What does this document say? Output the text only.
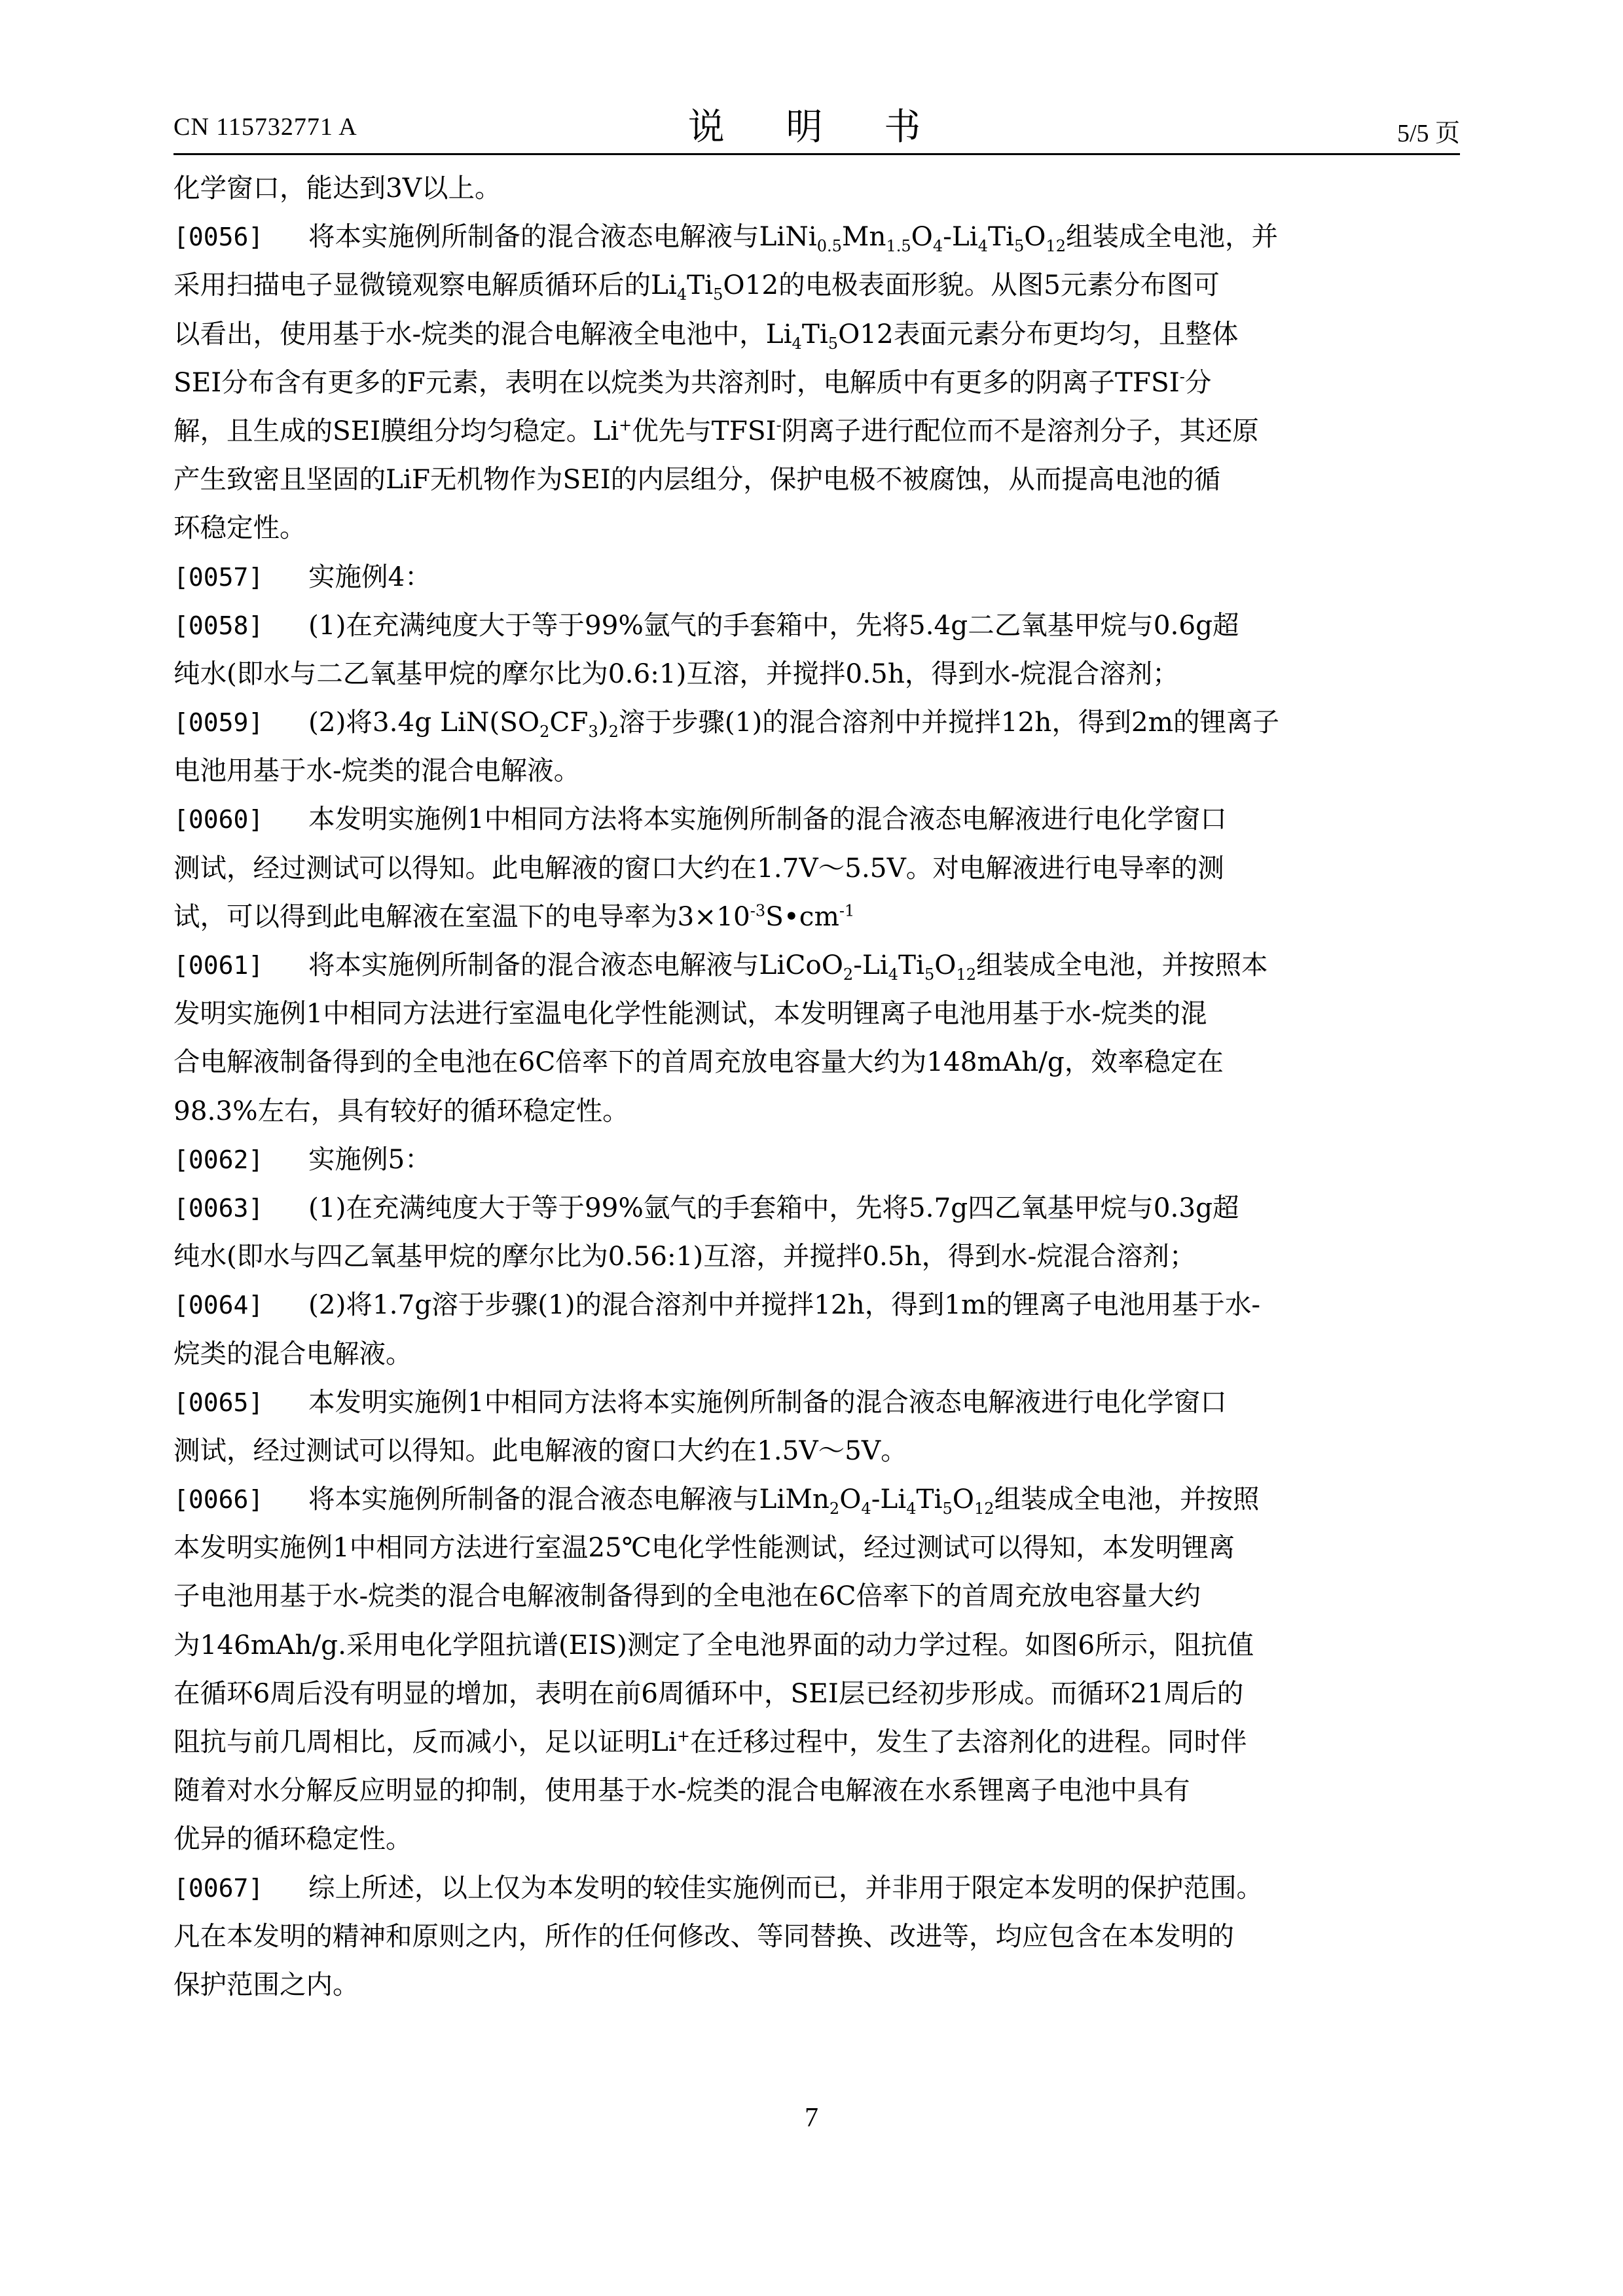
CN 115732771 A	说 明 书	5/5 页
化学窗口，能达到3V以上。
[0056] 将本实施例所制备的混合液态电解液与$LiNi_{0.5}Mn_{1.5}O_4-Li_4Ti_5O_{12}$组装成全电池，并
采用扫描电子显微镜观察电解质循环后的$Li_4Ti_5O12$的电极表面形貌。从图5元素分布图可
以看出，使用基于水-烷类的混合电解液全电池中，$Li_4Ti_5O12$表面元素分布更均匀，且整体
SEI分布含有更多的F元素，表明在以烷类为共溶剂时，电解质中有更多的阴离子TFSI-分
解，且生成的SEI膜组分均匀稳定。Li+优先与TFSI-阴离子进行配位而不是溶剂分子，其还原
产生致密且坚固的LiF无机物作为SEI的内层组分，保护电极不被腐蚀，从而提高电池的循
环稳定性。
[0057] 实施例4：
[0058] (1)在充满纯度大于等于99%氩气的手套箱中，先将5.4g二乙氧基甲烷与0.6g超
纯水(即水与二乙氧基甲烷的摩尔比为0.6:1)互溶，并搅拌0.5h，得到水-烷混合溶剂；
[0059] (2)将3.4g $LiN(SO_2CF_3)_2$溶于步骤(1)的混合溶剂中并搅拌12h，得到2m的锂离子
电池用基于水-烷类的混合电解液。
[0060] 本发明实施例1中相同方法将本实施例所制备的混合液态电解液进行电化学窗口
测试，经过测试可以得知。此电解液的窗口大约在1.7V～5.5V。对电解液进行电导率的测
试，可以得到此电解液在室温下的电导率为$3\times 10^{-3}S•cm^{-1}$
[0061] 将本实施例所制备的混合液态电解液与$LiCoO_2-Li_4Ti_5O_{12}$组装成全电池，并按照本
发明实施例1中相同方法进行室温电化学性能测试，本发明锂离子电池用基于水-烷类的混
合电解液制备得到的全电池在6C倍率下的首周充放电容量大约为148mAh/g，效率稳定在
98.3%左右，具有较好的循环稳定性。
[0062] 实施例5：
[0063] (1)在充满纯度大于等于99%氩气的手套箱中，先将5.7g四乙氧基甲烷与0.3g超
纯水(即水与四乙氧基甲烷的摩尔比为0.56:1)互溶，并搅拌0.5h，得到水-烷混合溶剂；
[0064] (2)将1.7g溶于步骤(1)的混合溶剂中并搅拌12h，得到1m的锂离子电池用基于水-
烷类的混合电解液。
[0065] 本发明实施例1中相同方法将本实施例所制备的混合液态电解液进行电化学窗口
测试，经过测试可以得知。此电解液的窗口大约在1.5V～5V。
[0066] 将本实施例所制备的混合液态电解液与$LiMn_2O_4-Li_4Ti_5O_{12}$组装成全电池，并按照
本发明实施例1中相同方法进行室温25℃电化学性能测试，经过测试可以得知，本发明锂离
子电池用基于水-烷类的混合电解液制备得到的全电池在6C倍率下的首周充放电容量大约
为146mAh/g.采用电化学阻抗谱(EIS)测定了全电池界面的动力学过程。如图6所示，阻抗值
在循环6周后没有明显的增加，表明在前6周循环中，SEI层已经初步形成。而循环21周后的
阻抗与前几周相比，反而减小，足以证明Li+在迁移过程中，发生了去溶剂化的进程。同时伴
随着对水分解反应明显的抑制，使用基于水-烷类的混合电解液在水系锂离子电池中具有
优异的循环稳定性。
[0067] 综上所述，以上仅为本发明的较佳实施例而已，并非用于限定本发明的保护范围。
凡在本发明的精神和原则之内，所作的任何修改、等同替换、改进等，均应包含在本发明的
保护范围之内。
7
